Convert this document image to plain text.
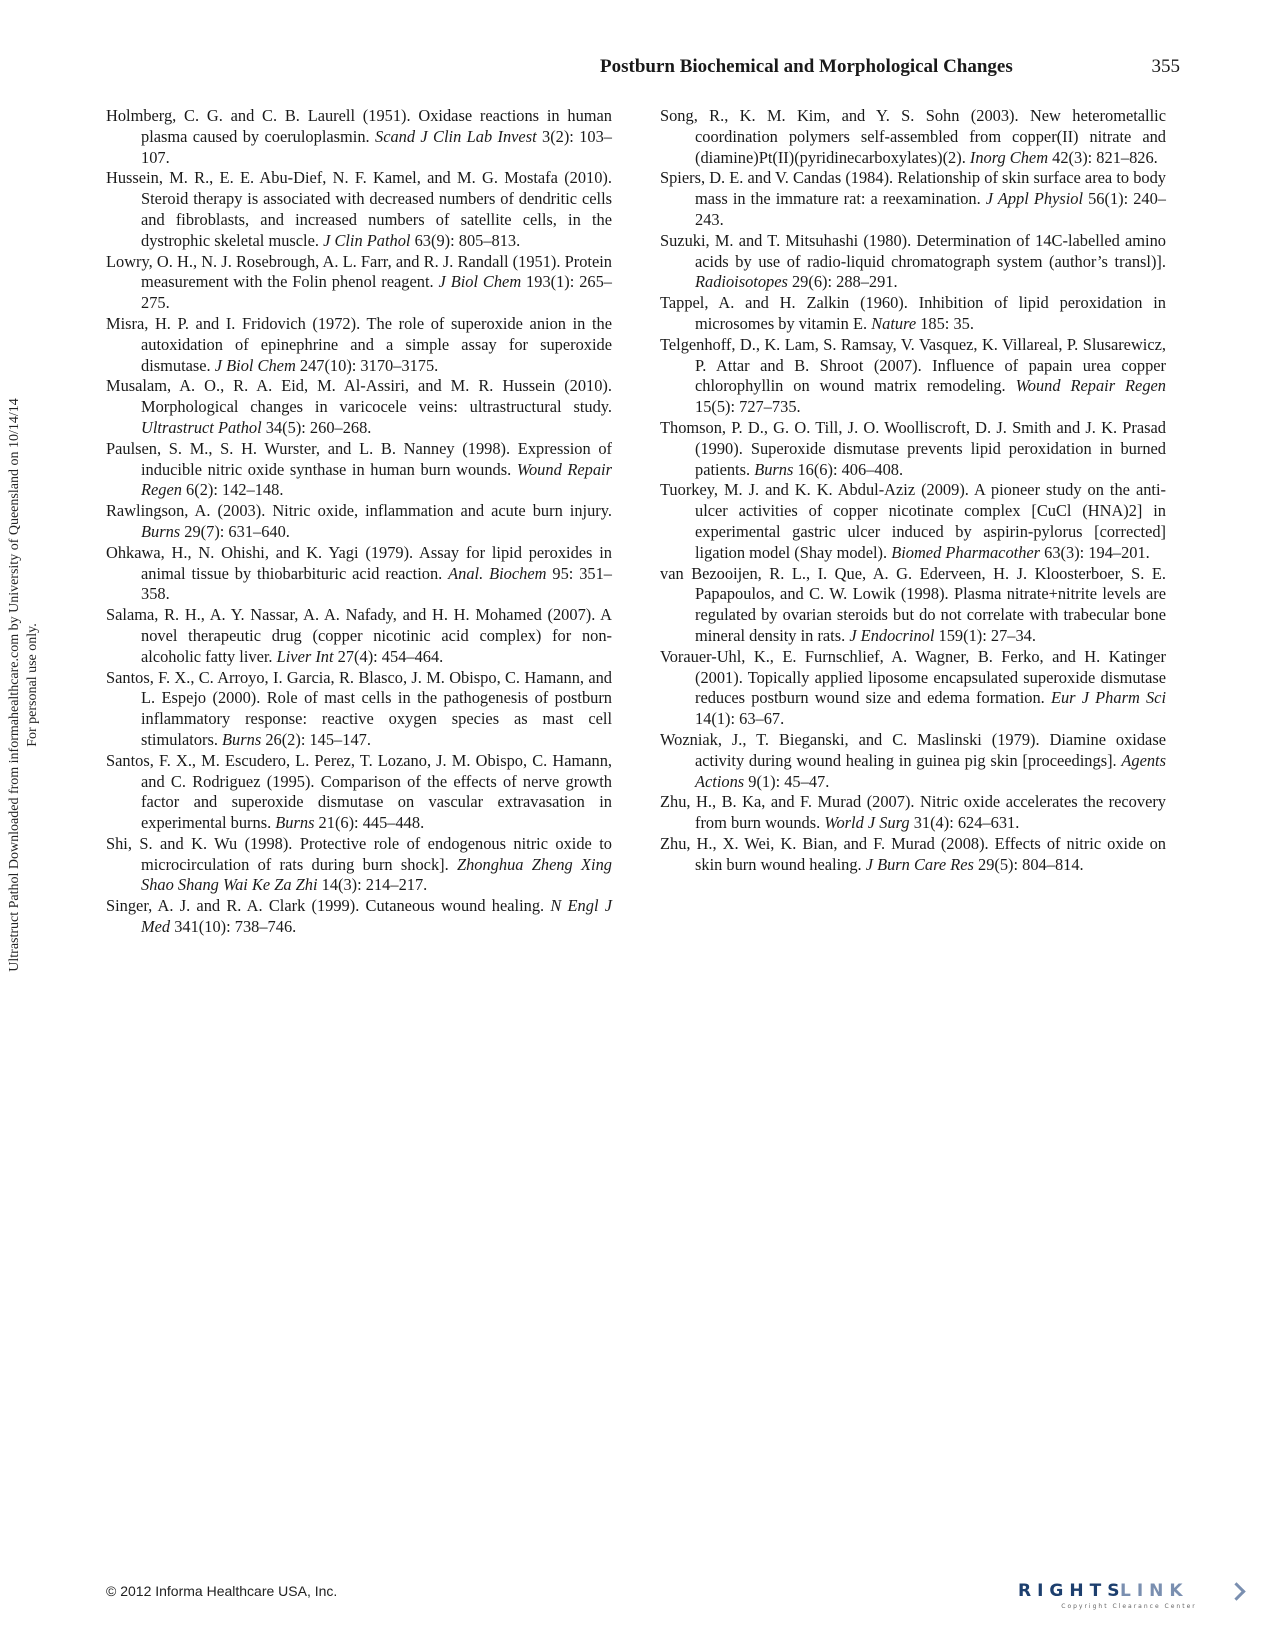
Postburn Biochemical and Morphological Changes	355

Holmberg, C. G. and C. B. Laurell (1951). Oxidase reactions in human plasma caused by coeruloplasmin. Scand J Clin Lab Invest 3(2): 103–107.

Hussein, M. R., E. E. Abu-Dief, N. F. Kamel, and M. G. Mostafa (2010). Steroid therapy is associated with decreased numbers of dendritic cells and fibroblasts, and increased numbers of satellite cells, in the dystrophic skeletal muscle. J Clin Pathol 63(9): 805–813.

Lowry, O. H., N. J. Rosebrough, A. L. Farr, and R. J. Randall (1951). Protein measurement with the Folin phenol reagent. J Biol Chem 193(1): 265–275.

Misra, H. P. and I. Fridovich (1972). The role of superoxide anion in the autoxidation of epinephrine and a simple assay for superoxide dismutase. J Biol Chem 247(10): 3170–3175.

Musalam, A. O., R. A. Eid, M. Al-Assiri, and M. R. Hussein (2010). Morphological changes in varicocele veins: ultrastructural study. Ultrastruct Pathol 34(5): 260–268.

Paulsen, S. M., S. H. Wurster, and L. B. Nanney (1998). Expression of inducible nitric oxide synthase in human burn wounds. Wound Repair Regen 6(2): 142–148.

Rawlingson, A. (2003). Nitric oxide, inflammation and acute burn injury. Burns 29(7): 631–640.

Ohkawa, H., N. Ohishi, and K. Yagi (1979). Assay for lipid peroxides in animal tissue by thiobarbituric acid reaction. Anal. Biochem 95: 351–358.

Salama, R. H., A. Y. Nassar, A. A. Nafady, and H. H. Mohamed (2007). A novel therapeutic drug (copper nicotinic acid complex) for non-alcoholic fatty liver. Liver Int 27(4): 454–464.

Santos, F. X., C. Arroyo, I. Garcia, R. Blasco, J. M. Obispo, C. Hamann, and L. Espejo (2000). Role of mast cells in the pathogenesis of postburn inflammatory response: reactive oxygen species as mast cell stimulators. Burns 26(2): 145–147.

Santos, F. X., M. Escudero, L. Perez, T. Lozano, J. M. Obispo, C. Hamann, and C. Rodriguez (1995). Comparison of the effects of nerve growth factor and superoxide dismutase on vascular extravasation in experimental burns. Burns 21(6): 445–448.

Shi, S. and K. Wu (1998). Protective role of endogenous nitric oxide to microcirculation of rats during burn shock]. Zhonghua Zheng Xing Shao Shang Wai Ke Za Zhi 14(3): 214–217.

Singer, A. J. and R. A. Clark (1999). Cutaneous wound healing. N Engl J Med 341(10): 738–746.

Song, R., K. M. Kim, and Y. S. Sohn (2003). New heterometallic coordination polymers self-assembled from copper(II) nitrate and (diamine)Pt(II)(pyridinecarboxylates)(2). Inorg Chem 42(3): 821–826.

Spiers, D. E. and V. Candas (1984). Relationship of skin surface area to body mass in the immature rat: a reexamination. J Appl Physiol 56(1): 240–243.

Suzuki, M. and T. Mitsuhashi (1980). Determination of 14C-labelled amino acids by use of radio-liquid chromatograph system (author’s transl)]. Radioisotopes 29(6): 288–291.

Tappel, A. and H. Zalkin (1960). Inhibition of lipid peroxidation in microsomes by vitamin E. Nature 185: 35.

Telgenhoff, D., K. Lam, S. Ramsay, V. Vasquez, K. Villareal, P. Slusarewicz, P. Attar and B. Shroot (2007). Influence of papain urea copper chlorophyllin on wound matrix remodeling. Wound Repair Regen 15(5): 727–735.

Thomson, P. D., G. O. Till, J. O. Woolliscroft, D. J. Smith and J. K. Prasad (1990). Superoxide dismutase prevents lipid peroxidation in burned patients. Burns 16(6): 406–408.

Tuorkey, M. J. and K. K. Abdul-Aziz (2009). A pioneer study on the anti-ulcer activities of copper nicotinate complex [CuCl (HNA)2] in experimental gastric ulcer induced by aspirin-pylorus [corrected] ligation model (Shay model). Biomed Pharmacother 63(3): 194–201.

van Bezooijen, R. L., I. Que, A. G. Ederveen, H. J. Kloosterboer, S. E. Papapoulos, and C. W. Lowik (1998). Plasma nitrate+nitrite levels are regulated by ovarian steroids but do not correlate with trabecular bone mineral density in rats. J Endocrinol 159(1): 27–34.

Vorauer-Uhl, K., E. Furnschlief, A. Wagner, B. Ferko, and H. Katinger (2001). Topically applied liposome encapsulated superoxide dismutase reduces postburn wound size and edema formation. Eur J Pharm Sci 14(1): 63–67.

Wozniak, J., T. Bieganski, and C. Maslinski (1979). Diamine oxidase activity during wound healing in guinea pig skin [proceedings]. Agents Actions 9(1): 45–47.

Zhu, H., B. Ka, and F. Murad (2007). Nitric oxide accelerates the recovery from burn wounds. World J Surg 31(4): 624–631.

Zhu, H., X. Wei, K. Bian, and F. Murad (2008). Effects of nitric oxide on skin burn wound healing. J Burn Care Res 29(5): 804–814.

Ultrastruct Pathol Downloaded from informahealthcare.com by University of Queensland on 10/14/14 For personal use only.
© 2012 Informa Healthcare USA, Inc.	RIGHTS
LINK
Copyright Clearance Center
